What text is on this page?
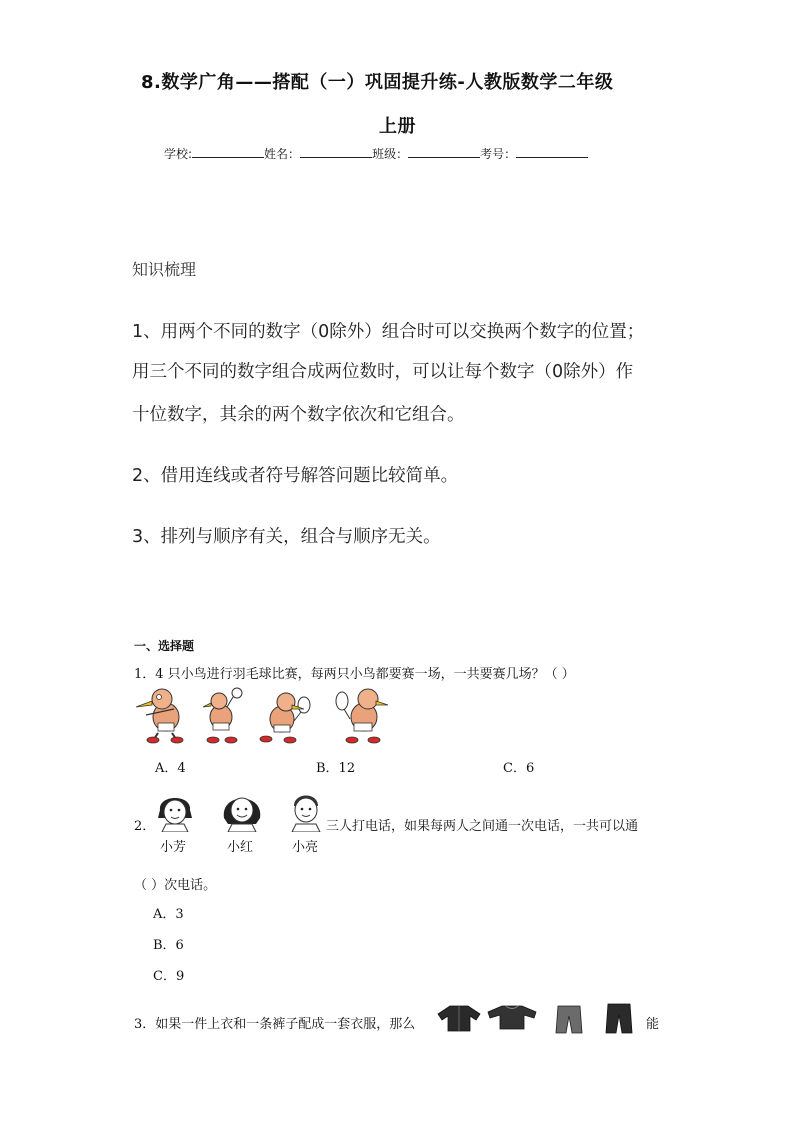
8.数学广角——搭配（一）巩固提升练-人教版数学二年级
上册
学校:	姓名：	班级：	考号：
知识梳理
1、用两个不同的数字（0除外）组合时可以交换两个数字的位置；
用三个不同的数字组合成两位数时，可以让每个数字（0除外）作
十位数字，其余的两个数字依次和它组合。
2、借用连线或者符号解答问题比较简单。
3、排列与顺序有关，组合与顺序无关。
一、选择题
1．4 只小鸟进行羽毛球比赛，每两只小鸟都要赛一场，一共要赛几场？（ ）
A．4	B．12	C．6
2．
小芳	小红	小亮
三人打电话，如果每两人之间通一次电话，一共可以通
（ ）次电话。
A．3
B．6
C．9
3．如果一件上衣和一条裤子配成一套衣服，那么	能
